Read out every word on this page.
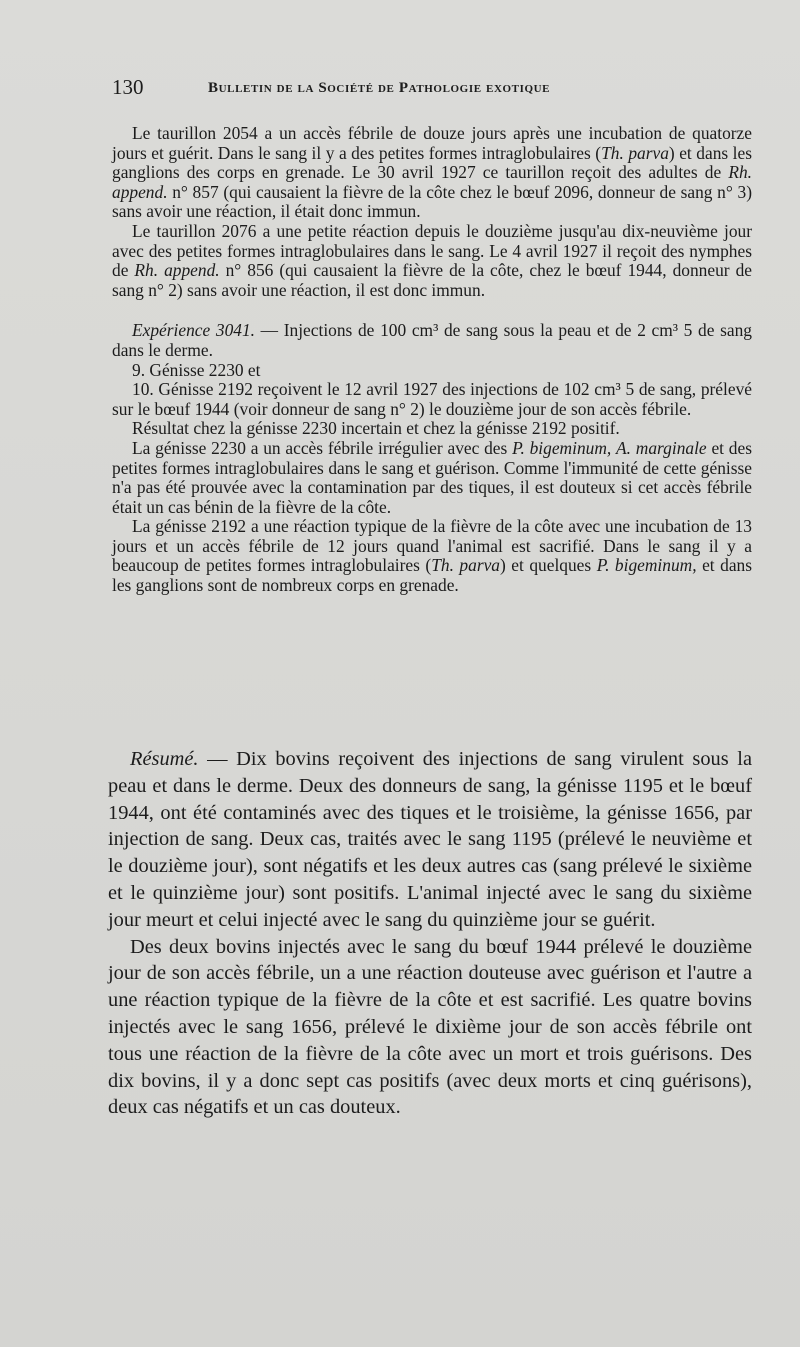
130	Bulletin de la Société de Pathologie exotique

Le taurillon 2054 a un accès fébrile de douze jours après une incubation de quatorze jours et guérit. Dans le sang il y a des petites formes intraglobulaires (Th. parva) et dans les ganglions des corps en grenade. Le 30 avril 1927 ce taurillon reçoit des adultes de Rh. append. n° 857 (qui causaient la fièvre de la côte chez le bœuf 2096, donneur de sang n° 3) sans avoir une réaction, il était donc immun.

Le taurillon 2076 a une petite réaction depuis le douzième jusqu'au dix-neuvième jour avec des petites formes intraglobulaires dans le sang. Le 4 avril 1927 il reçoit des nymphes de Rh. append. n° 856 (qui causaient la fièvre de la côte, chez le bœuf 1944, donneur de sang n° 2) sans avoir une réaction, il est donc immun.

Expérience 3041. — Injections de 100 cm³ de sang sous la peau et de 2 cm³ 5 de sang dans le derme.

9. Génisse 2230 et

10. Génisse 2192 reçoivent le 12 avril 1927 des injections de 102 cm³ 5 de sang, prélevé sur le bœuf 1944 (voir donneur de sang n° 2) le douzième jour de son accès fébrile.

Résultat chez la génisse 2230 incertain et chez la génisse 2192 positif.

La génisse 2230 a un accès fébrile irrégulier avec des P. bigeminum, A. marginale et des petites formes intraglobulaires dans le sang et guérison. Comme l'immunité de cette génisse n'a pas été prouvée avec la contamination par des tiques, il est douteux si cet accès fébrile était un cas bénin de la fièvre de la côte.

La génisse 2192 a une réaction typique de la fièvre de la côte avec une incubation de 13 jours et un accès fébrile de 12 jours quand l'animal est sacrifié. Dans le sang il y a beaucoup de petites formes intraglobulaires (Th. parva) et quelques P. bigeminum, et dans les ganglions sont de nombreux corps en grenade.

Résumé. — Dix bovins reçoivent des injections de sang virulent sous la peau et dans le derme. Deux des donneurs de sang, la génisse 1195 et le bœuf 1944, ont été contaminés avec des tiques et le troisième, la génisse 1656, par injection de sang. Deux cas, traités avec le sang 1195 (prélevé le neuvième et le douzième jour), sont négatifs et les deux autres cas (sang prélevé le sixième et le quinzième jour) sont positifs. L'animal injecté avec le sang du sixième jour meurt et celui injecté avec le sang du quinzième jour se guérit.

Des deux bovins injectés avec le sang du bœuf 1944 prélevé le douzième jour de son accès fébrile, un a une réaction douteuse avec guérison et l'autre a une réaction typique de la fièvre de la côte et est sacrifié. Les quatre bovins injectés avec le sang 1656, prélevé le dixième jour de son accès fébrile ont tous une réaction de la fièvre de la côte avec un mort et trois guérisons. Des dix bovins, il y a donc sept cas positifs (avec deux morts et cinq guérisons), deux cas négatifs et un cas douteux.
